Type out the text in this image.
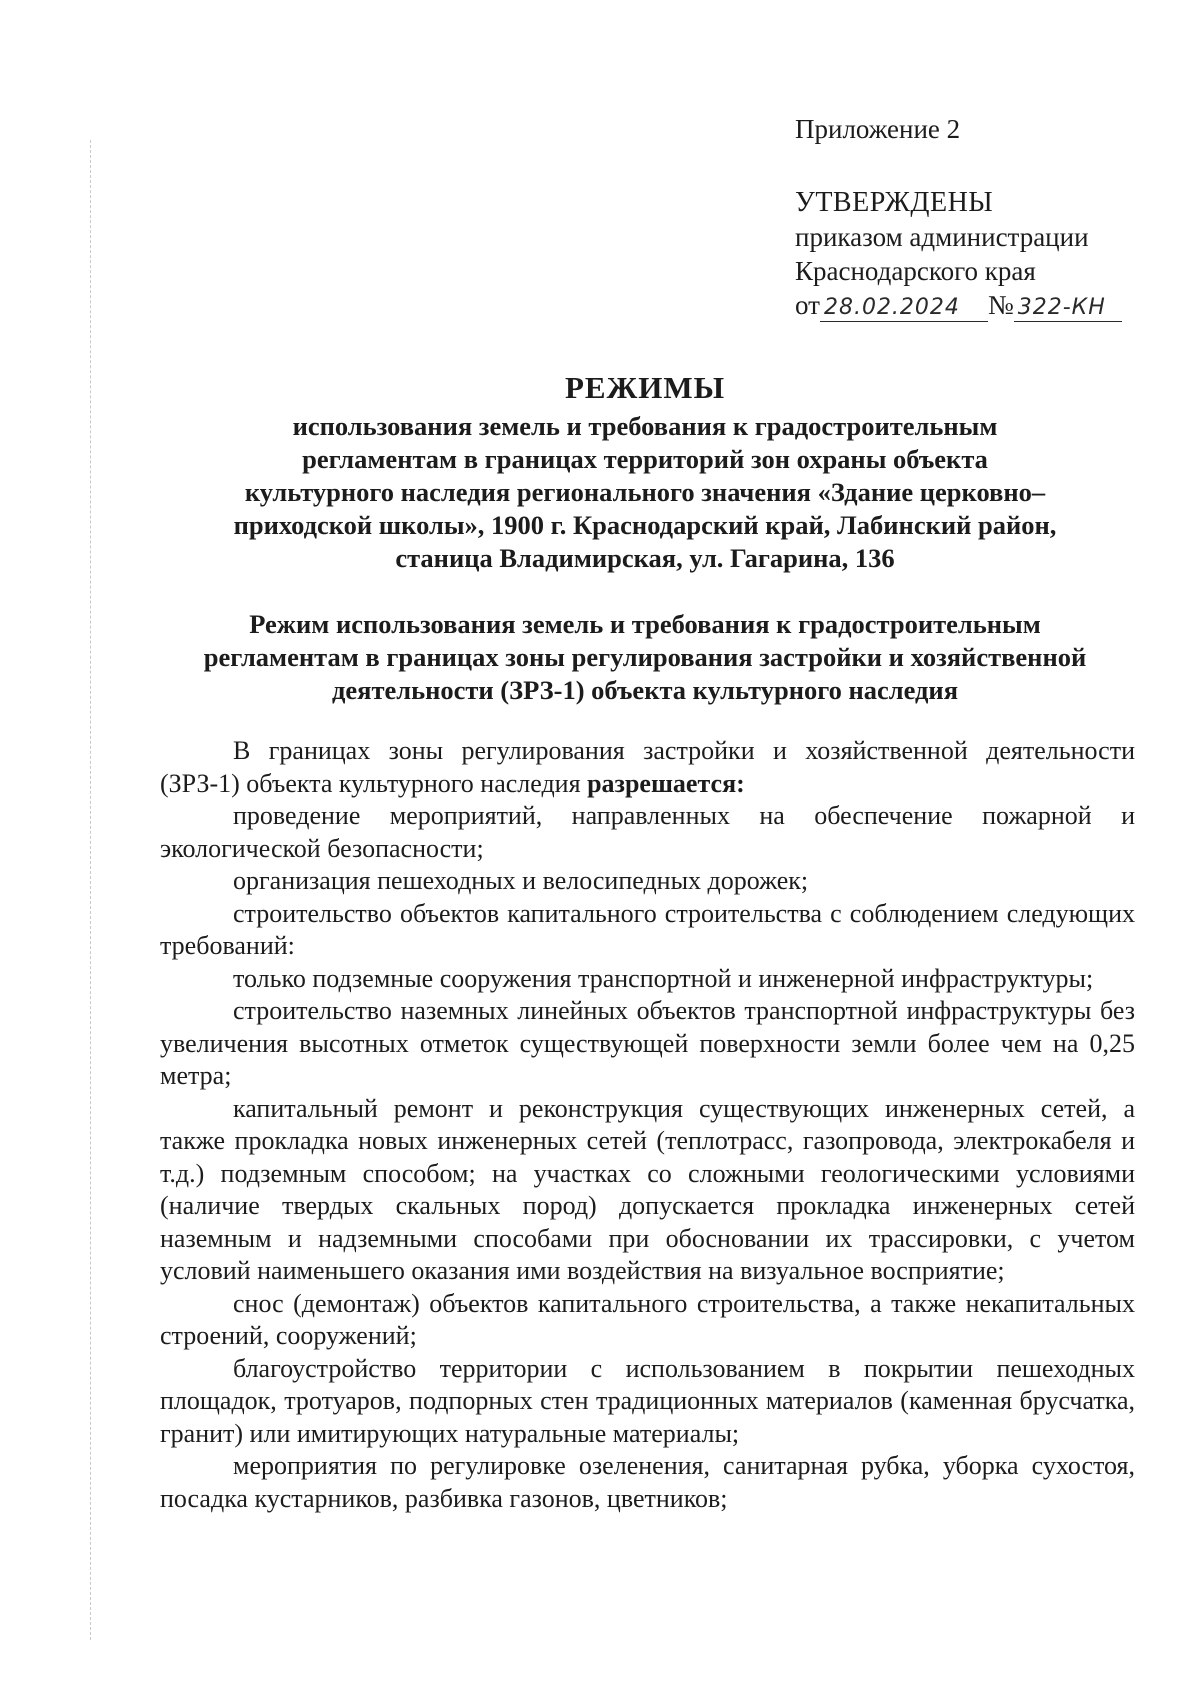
Приложение 2
УТВЕРЖДЕНЫ
приказом администрации
Краснодарского края
от 28.02.2024 № 322-КН
РЕЖИМЫ
использования земель и требования к градостроительным
регламентам в границах территорий зон охраны объекта
культурного наследия регионального значения «Здание церковно–
приходской школы», 1900 г. Краснодарский край, Лабинский район,
станица Владимирская, ул. Гагарина, 136
Режим использования земель и требования к градостроительным
регламентам в границах зоны регулирования застройки и хозяйственной
деятельности (ЗРЗ-1) объекта культурного наследия

В границах зоны регулирования застройки и хозяйственной деятельности (ЗРЗ-1) объекта культурного наследия разрешается:

проведение мероприятий, направленных на обеспечение пожарной и экологической безопасности;

организация пешеходных и велосипедных дорожек;

строительство объектов капитального строительства с соблюдением следующих требований:

только подземные сооружения транспортной и инженерной инфраструктуры;

строительство наземных линейных объектов транспортной инфраструктуры без увеличения высотных отметок существующей поверхности земли более чем на 0,25 метра;

капитальный ремонт и реконструкция существующих инженерных сетей, а также прокладка новых инженерных сетей (теплотрасс, газопровода, электрокабеля и т.д.) подземным способом; на участках со сложными геологическими условиями (наличие твердых скальных пород) допускается прокладка инженерных сетей наземным и надземными способами при обосновании их трассировки, с учетом условий наименьшего оказания ими воздействия на визуальное восприятие;

снос (демонтаж) объектов капитального строительства, а также некапитальных строений, сооружений;

благоустройство территории с использованием в покрытии пешеходных площадок, тротуаров, подпорных стен традиционных материалов (каменная брусчатка, гранит) или имитирующих натуральные материалы;

мероприятия по регулировке озеленения, санитарная рубка, уборка сухостоя, посадка кустарников, разбивка газонов, цветников;
